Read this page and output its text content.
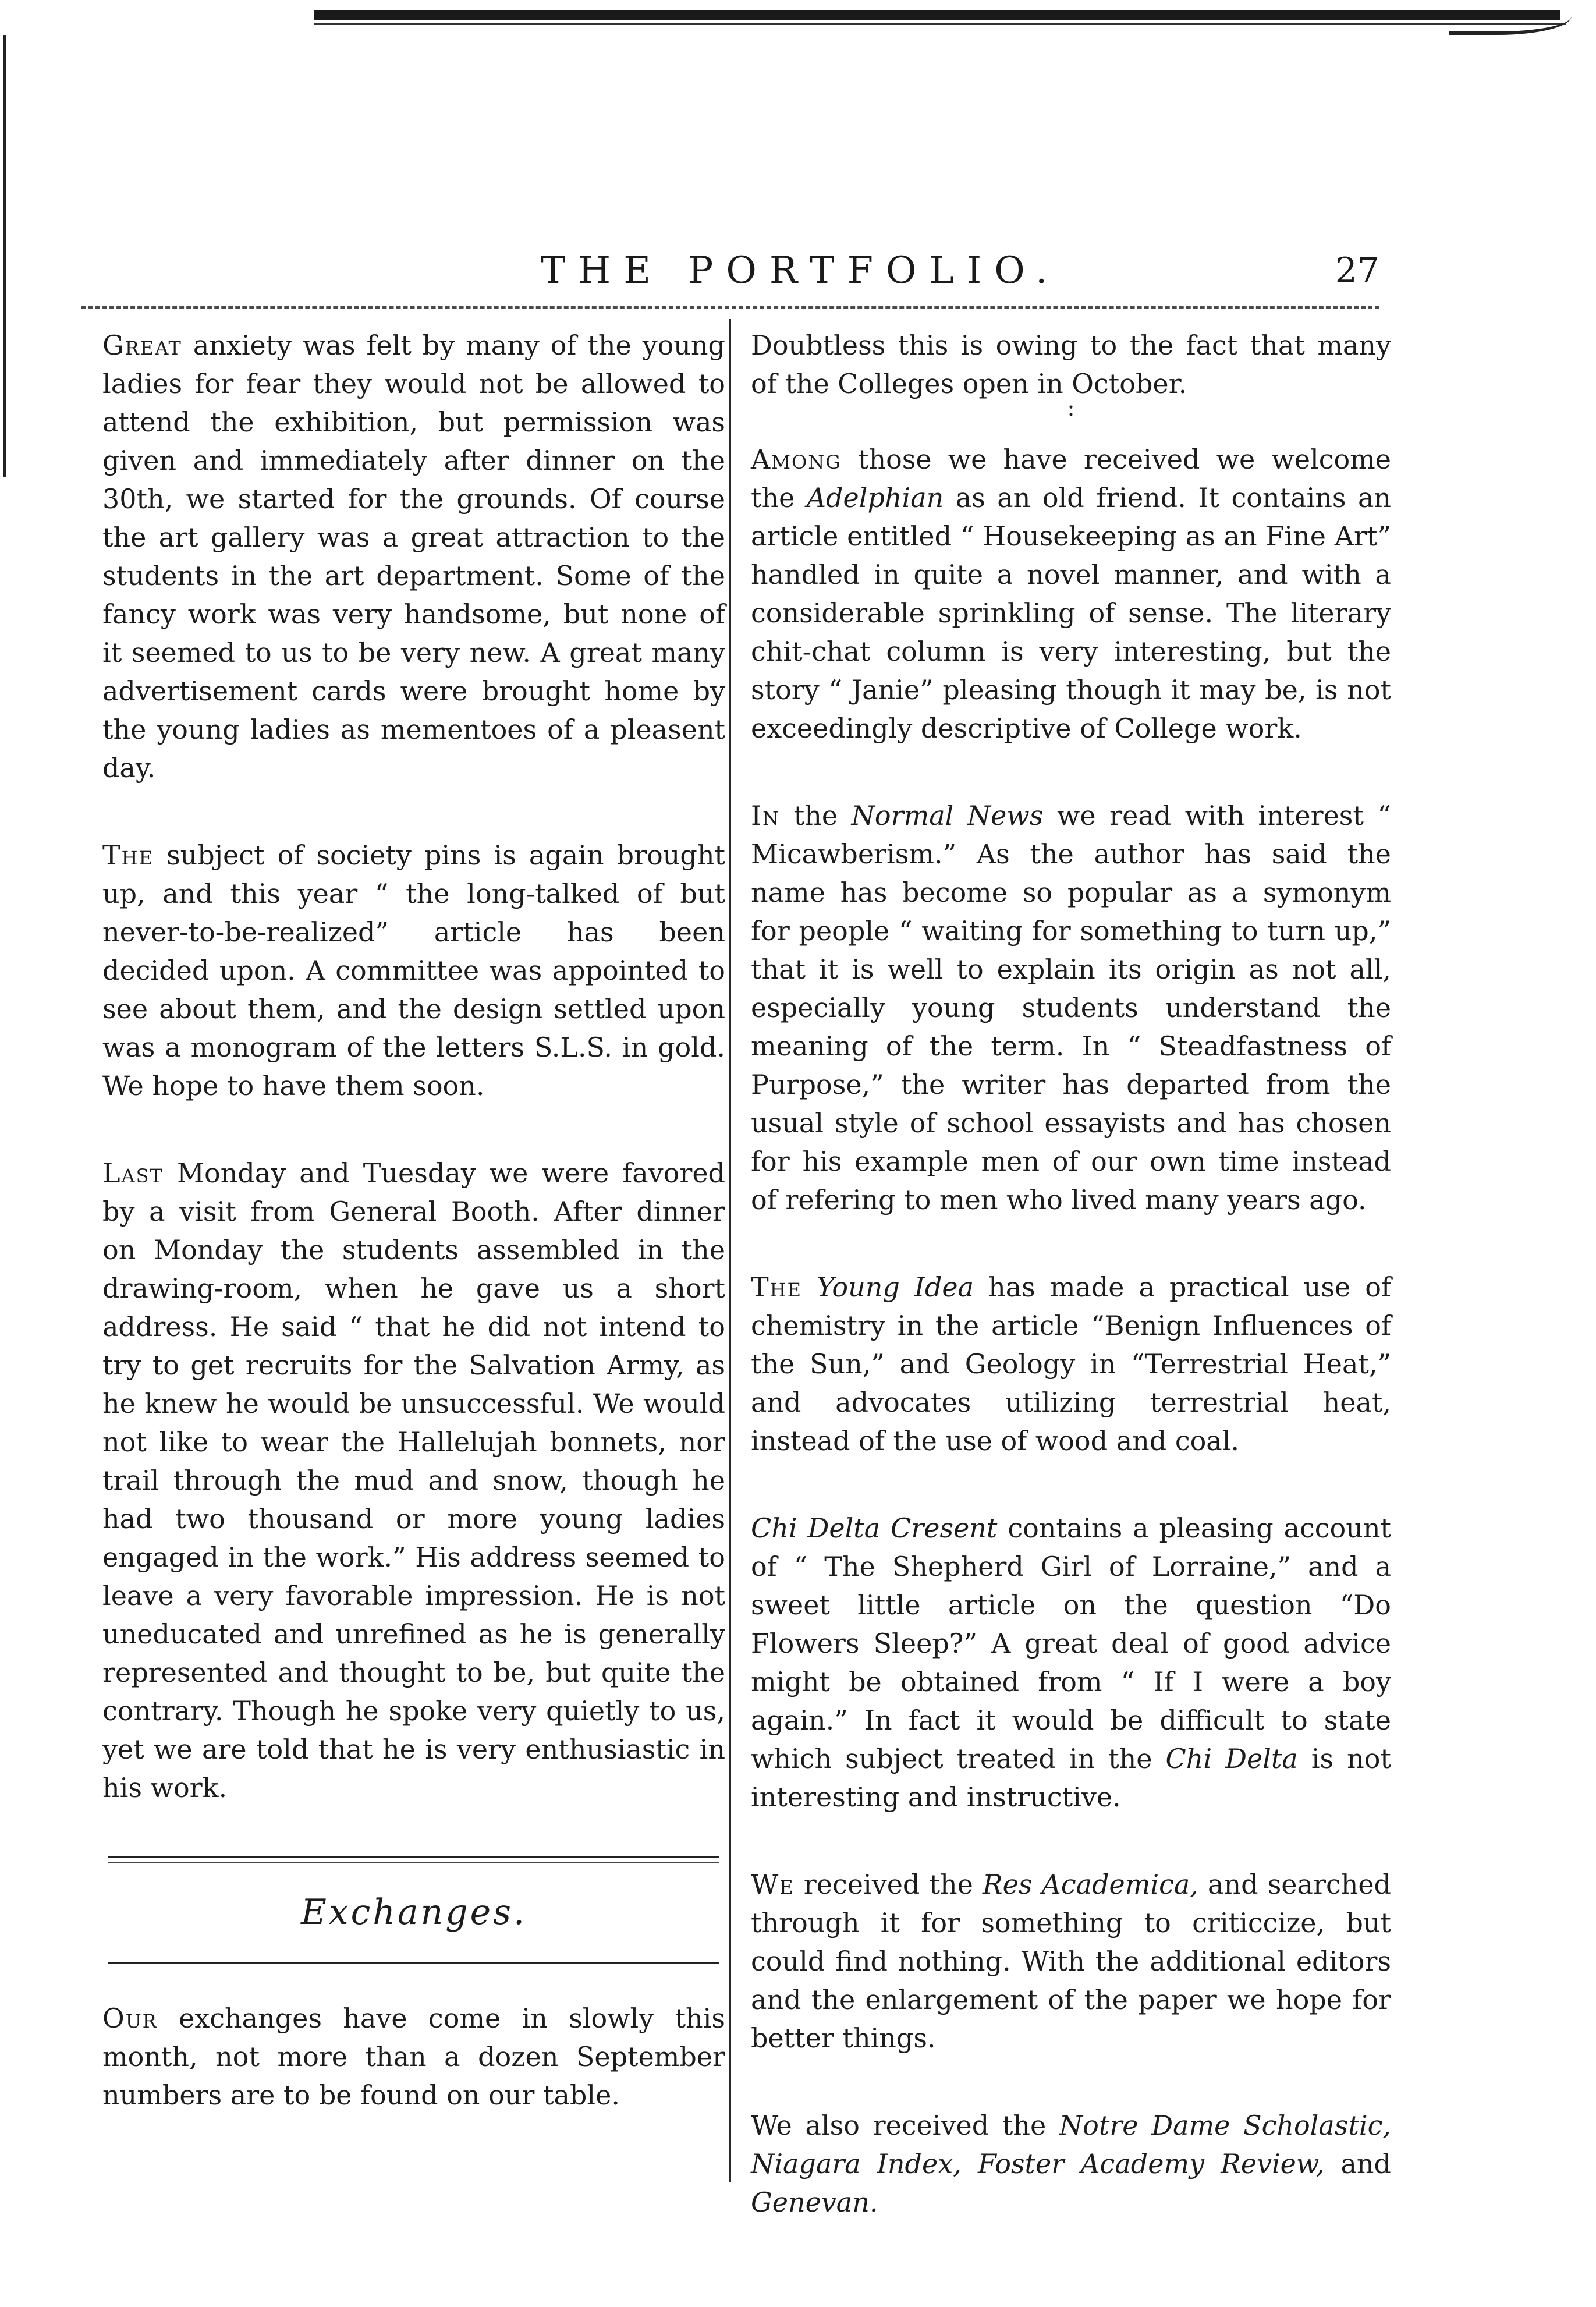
THE PORTFOLIO.	27

Great anxiety was felt by many of the young ladies for fear they would not be allowed to attend the exhibition, but permission was given and immediately after dinner on the 30th, we started for the grounds. Of course the art gallery was a great attraction to the students in the art department. Some of the fancy work was very handsome, but none of it seemed to us to be very new. A great many advertisement cards were brought home by the young ladies as mementoes of a pleasent day.

The subject of society pins is again brought up, and this year “ the long-talked of but never-to-be-realized” article has been decided upon. A committee was appointed to see about them, and the design settled upon was a monogram of the letters S.L.S. in gold. We hope to have them soon.

Last Monday and Tuesday we were favored by a visit from General Booth. After dinner on Monday the students assembled in the drawing-room, when he gave us a short address. He said “ that he did not intend to try to get recruits for the Salvation Army, as he knew he would be unsuccessful. We would not like to wear the Hallelujah bonnets, nor trail through the mud and snow, though he had two thousand or more young ladies engaged in the work.” His address seemed to leave a very favorable impression. He is not uneducated and unrefined as he is generally represented and thought to be, but quite the contrary. Though he spoke very quietly to us, yet we are told that he is very enthusiastic in his work.

Exchanges.

Our exchanges have come in slowly this month, not more than a dozen September numbers are to be found on our table.

Doubtless this is owing to the fact that many of the Colleges open in October.

:

Among those we have received we welcome the Adelphian as an old friend. It contains an article entitled “ Housekeeping as an Fine Art” handled in quite a novel manner, and with a considerable sprinkling of sense. The literary chit-chat column is very interesting, but the story “ Janie” pleasing though it may be, is not exceedingly descriptive of College work.

In the Normal News we read with interest “ Micawberism.” As the author has said the name has become so popular as a symonym for people “ waiting for something to turn up,” that it is well to explain its origin as not all, especially young students understand the meaning of the term. In “ Steadfastness of Purpose,” the writer has departed from the usual style of school essayists and has chosen for his example men of our own time instead of refering to men who lived many years ago.

The Young Idea has made a practical use of chemistry in the article “Benign Influences of the Sun,” and Geology in “Terrestrial Heat,” and advocates utilizing terrestrial heat, instead of the use of wood and coal.

Chi Delta Cresent contains a pleasing account of “ The Shepherd Girl of Lorraine,” and a sweet little article on the question “Do Flowers Sleep?” A great deal of good advice might be obtained from “ If I were a boy again.” In fact it would be difficult to state which subject treated in the Chi Delta is not interesting and instructive.

We received the Res Academica, and searched through it for something to criticcize, but could find nothing. With the additional editors and the enlargement of the paper we hope for better things.

We also received the Notre Dame Scholastic, Niagara Index, Foster Academy Review, and Genevan.
